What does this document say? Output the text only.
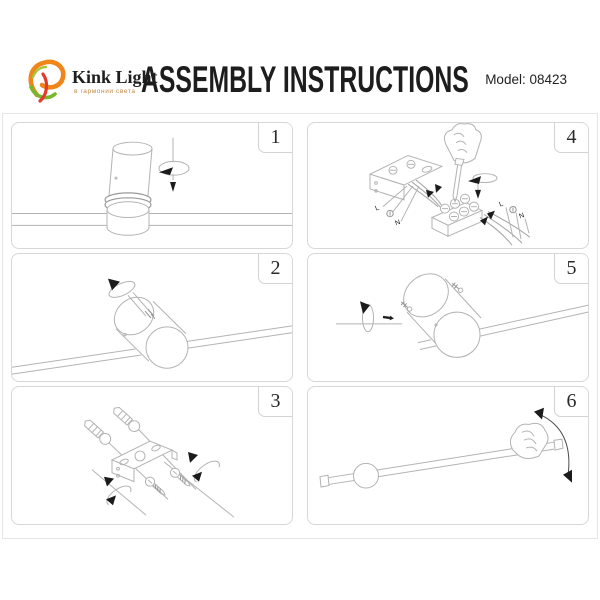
Kink Light
в гармонии света ASSEMBLY INSTRUCTIONS Model: 08423
1
L
N
L
N
4
2	5
3	6
